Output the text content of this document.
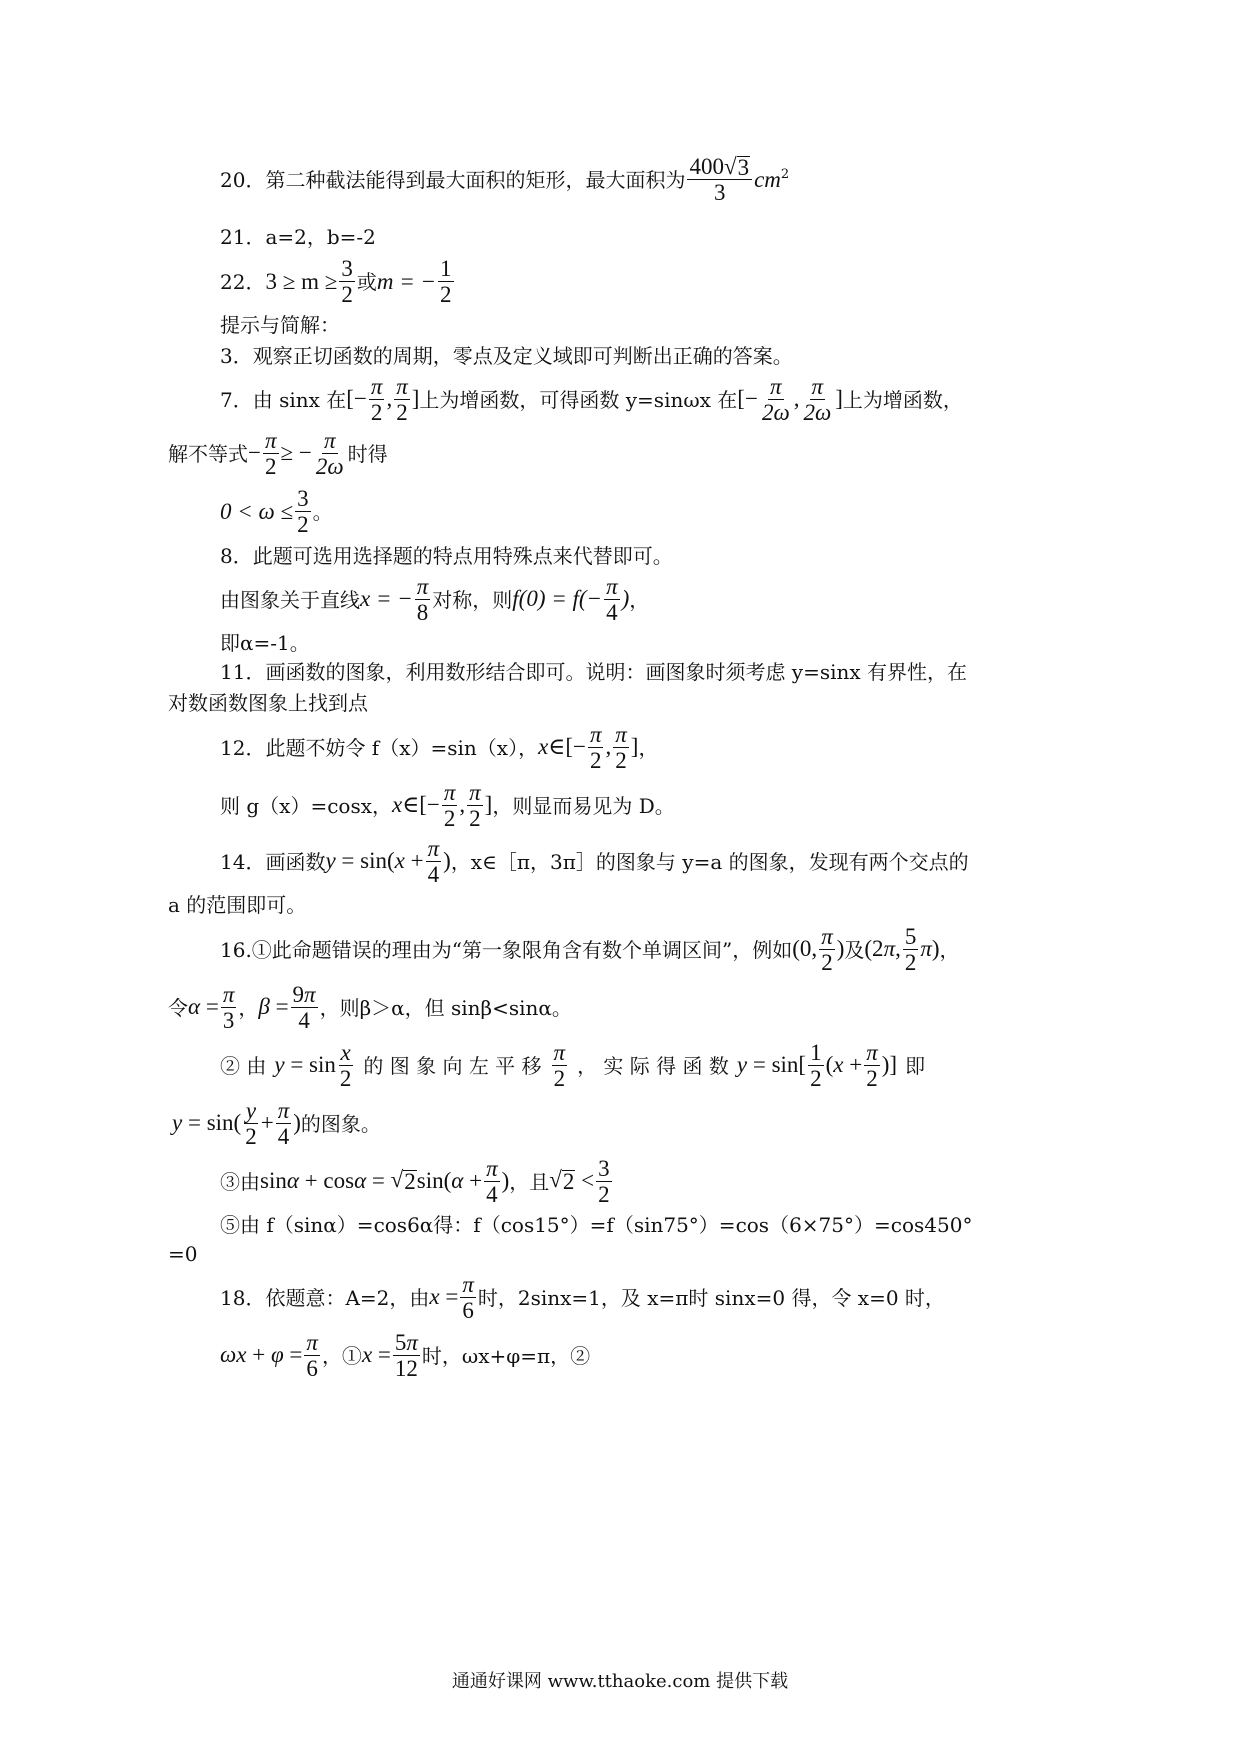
20．第二种截法能得到最大面积的矩形，最大面积为 $\frac{400 √ 3}{3} cm^2$
21．a=2，b=-2
22． $3 \ge m \ge \frac{3}{2}$ 或 m = − $\frac{1}{2}$
提示与简解：
3．观察正切函数的周期，零点及定义域即可判断出正确的答案。
7．由 sinx 在 [− $\frac{\pi}{2}$ , $\frac{\pi}{2}$ ] 上为增函数，可得函数 y=sinωx 在 [− $\frac{\pi}{2\omega}$ , $\frac{\pi}{2\omega}$ ] 上为增函数，
解不等式 − $\frac{\pi}{2}$ ≥ − $\frac{\pi}{2\omega}$ 时得
$0 < \omega \le \frac{3}{2}$ 。
8．此题可选用选择题的特点用特殊点来代替即可。
由图象关于直线 x = − $\frac{\pi}{8}$ 对称，则 $f(0) = f(- \frac{\pi}{4}$ ) ，
即α=-1。
11．画函数的图象，利用数形结合即可。说明：画图象时须考虑 y=sinx 有界性，在
对数函数图象上找到点
12．此题不妨令 f（x）=sin（x）， x∈[− $\frac{\pi}{2}$ , $\frac{\pi}{2}$ ] ，
则 g（x）=cosx， x∈[− $\frac{\pi}{2}$ , $\frac{\pi}{2}$ ] ，则显而易见为 D。
14．画函数 $y = \sin(x + \frac{\pi}{4}$ ) ，x∈［π，3π］的图象与 y=a 的图象，发现有两个交点的
a 的范围即可。
16.①此命题错误的理由为“第一象限角含有数个单调区间”，例如 (0, $\frac{\pi}{2}$ ) 及 (2π, $\frac{5}{2} \pi$) ，
令 $\alpha = \frac{\pi}{3}$ ， $\beta = \frac{9\pi}{4}$ ，则β＞α，但 sinβ<sinα。
② 由 $y = \sin \frac{x}{2}$ 的 图 象 向 左 平 移 $\frac{\pi}{2}$ ， 实 际 得 函 数 $y = \sin[ \frac{1}{2} (x + \frac{\pi}{2}$ )] 即
$y = \sin( \frac{y}{2} + \frac{\pi}{4}$ ) 的图象。
③由 sinα + cosα = √ 2 $\sin(\alpha + \frac{\pi}{4}$ ) ，且 √ $2 < \frac{3}{2}$
⑤由 f（sinα）=cos6α得：f（cos15°）=f（sin75°）=cos（6×75°）=cos450°
=0
18．依题意：A=2，由 $x = \frac{\pi}{6}$ 时，2sinx=1，及 x=π时 sinx=0 得，令 x=0 时，
$\omega x + \varphi = \frac{\pi}{6}$ ，① $x = \frac{5\pi}{12}$ 时，ωx+φ=π，②
通通好课网 www.tthaoke.com 提供下载
